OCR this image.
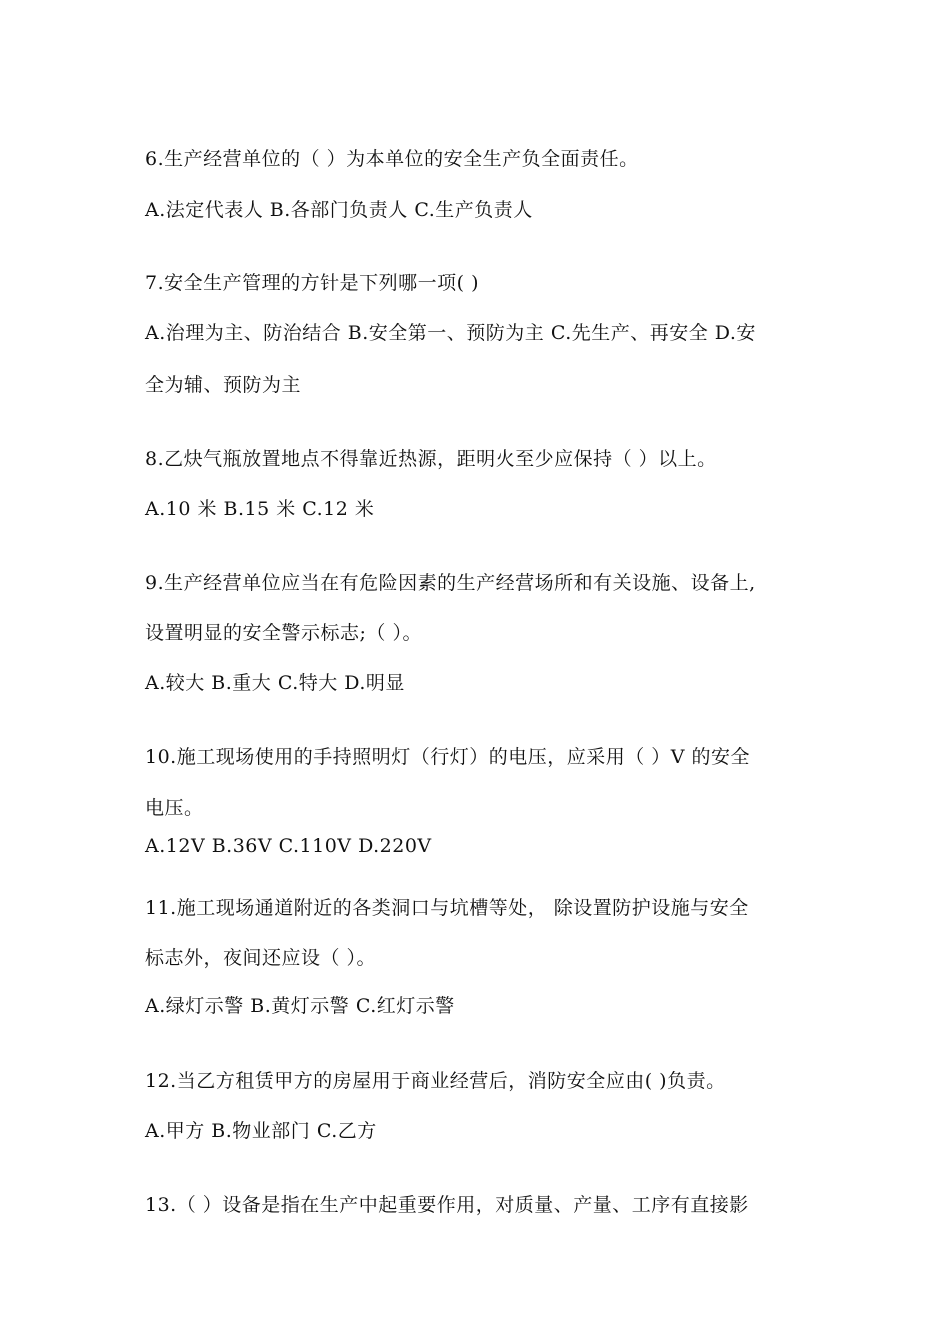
6.生产经营单位的（ ）为本单位的安全生产负全面责任。
A.法定代表人 B.各部门负责人 C.生产负责人
7.安全生产管理的方针是下列哪一项( )
A.治理为主、防治结合 B.安全第一、预防为主 C.先生产、再安全 D.安
全为辅、预防为主
8.乙炔气瓶放置地点不得靠近热源，距明火至少应保持（ ）以上。
A.10 米 B.15 米 C.12 米
9.生产经营单位应当在有危险因素的生产经营场所和有关设施、设备上,
设置明显的安全警示标志;（ ）。
A.较大 B.重大 C.特大 D.明显
10.施工现场使用的手持照明灯（行灯）的电压，应采用（ ）V 的安全
电压。
A.12V B.36V C.110V D.220V
11.施工现场通道附近的各类洞口与坑槽等处， 除设置防护设施与安全
标志外，夜间还应设（ ）。
A.绿灯示警 B.黄灯示警 C.红灯示警
12.当乙方租赁甲方的房屋用于商业经营后，消防安全应由( )负责。
A.甲方 B.物业部门 C.乙方
13.（ ）设备是指在生产中起重要作用，对质量、产量、工序有直接影
